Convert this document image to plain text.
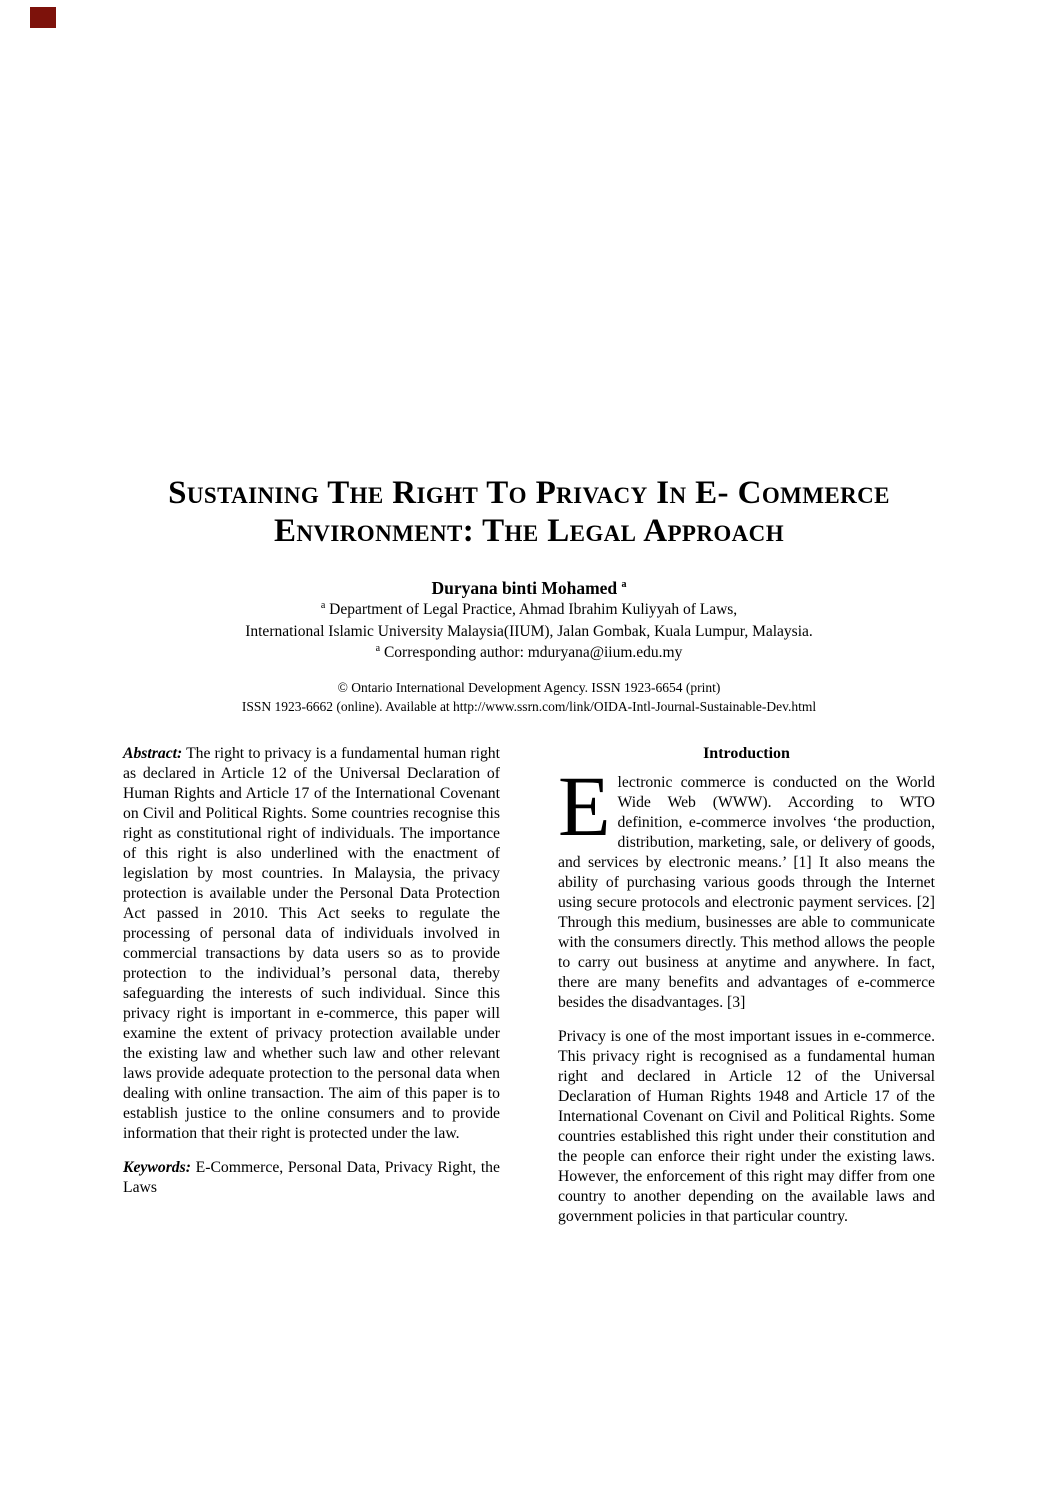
Sustaining The Right To Privacy In E- Commerce
Environment: The Legal Approach
Duryana binti Mohamed $^a$
$^a$ Department of Legal Practice, Ahmad Ibrahim Kuliyyah of Laws,
International Islamic University Malaysia(IIUM), Jalan Gombak, Kuala Lumpur, Malaysia.
$^a$ Corresponding author: mduryana@iium.edu.my
© Ontario International Development Agency. ISSN 1923-6654 (print)
ISSN 1923-6662 (online). Available at http://www.ssrn.com/link/OIDA-Intl-Journal-Sustainable-Dev.html

Abstract: The right to privacy is a fundamental human right as declared in Article 12 of the Universal Declaration of Human Rights and Article 17 of the International Covenant on Civil and Political Rights. Some countries recognise this right as constitutional right of individuals. The importance of this right is also underlined with the enactment of legislation by most countries. In Malaysia, the privacy protection is available under the Personal Data Protection Act passed in 2010. This Act seeks to regulate the processing of personal data of individuals involved in commercial transactions by data users so as to provide protection to the individual’s personal data, thereby safeguarding the interests of such individual. Since this privacy right is important in e-commerce, this paper will examine the extent of privacy protection available under the existing law and whether such law and other relevant laws provide adequate protection to the personal data when dealing with online transaction. The aim of this paper is to establish justice to the online consumers and to provide information that their right is protected under the law.

Keywords: E-Commerce, Personal Data, Privacy Right, the Laws

Introduction

Electronic commerce is conducted on the World Wide Web (WWW). According to WTO definition, e-commerce involves ‘the production, distribution, marketing, sale, or delivery of goods, and services by electronic means.’ [1] It also means the ability of purchasing various goods through the Internet using secure protocols and electronic payment services. [2] Through this medium, businesses are able to communicate with the consumers directly. This method allows the people to carry out business at anytime and anywhere. In fact, there are many benefits and advantages of e-commerce besides the disadvantages. [3]

Privacy is one of the most important issues in e-commerce. This privacy right is recognised as a fundamental human right and declared in Article 12 of the Universal Declaration of Human Rights 1948 and Article 17 of the International Covenant on Civil and Political Rights. Some countries established this right under their constitution and the people can enforce their right under the existing laws. However, the enforcement of this right may differ from one country to another depending on the available laws and government policies in that particular country.
